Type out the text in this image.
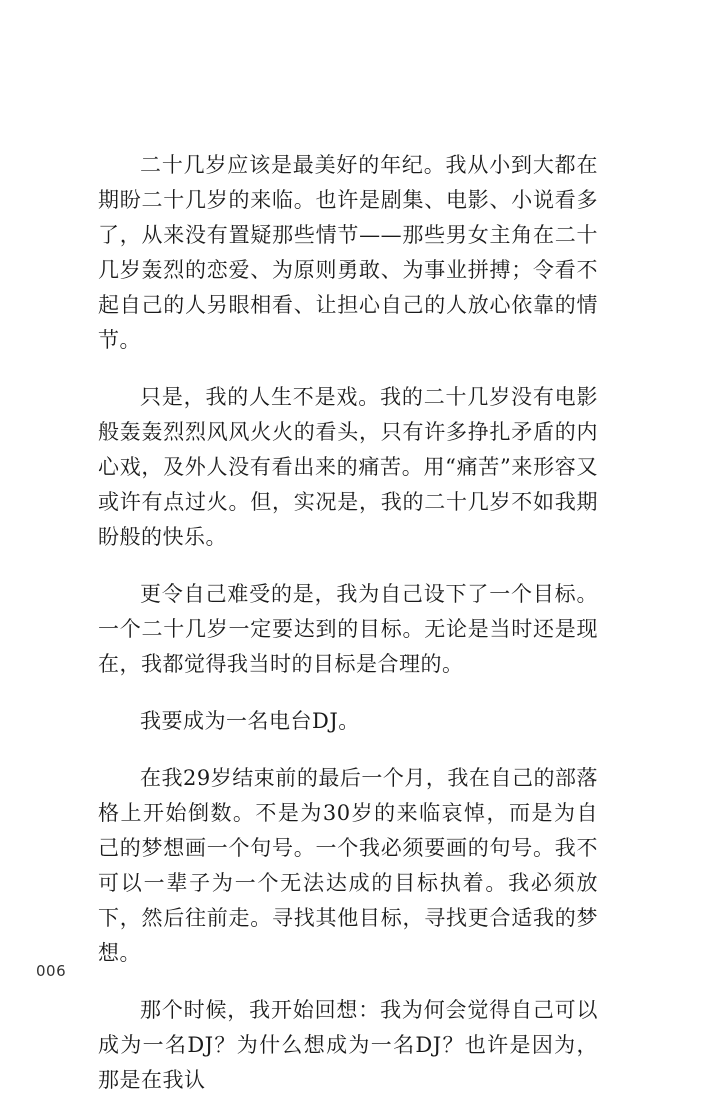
二十几岁应该是最美好的年纪。我从小到大都在期盼二十几岁的来临。也许是剧集、电影、小说看多了，从来没有置疑那些情节——那些男女主角在二十几岁轰烈的恋爱、为原则勇敢、为事业拼搏；令看不起自己的人另眼相看、让担心自己的人放心依靠的情节。

只是，我的人生不是戏。我的二十几岁没有电影般轰轰烈烈风风火火的看头，只有许多挣扎矛盾的内心戏，及外人没有看出来的痛苦。用“痛苦”来形容又或许有点过火。但，实况是，我的二十几岁不如我期盼般的快乐。

更令自己难受的是，我为自己设下了一个目标。一个二十几岁一定要达到的目标。无论是当时还是现在，我都觉得我当时的目标是合理的。

我要成为一名电台DJ。

在我29岁结束前的最后一个月，我在自己的部落格上开始倒数。不是为30岁的来临哀悼，而是为自己的梦想画一个句号。一个我必须要画的句号。我不可以一辈子为一个无法达成的目标执着。我必须放下，然后往前走。寻找其他目标，寻找更合适我的梦想。

那个时候，我开始回想：我为何会觉得自己可以成为一名DJ？为什么想成为一名DJ？也许是因为，那是在我认

006
